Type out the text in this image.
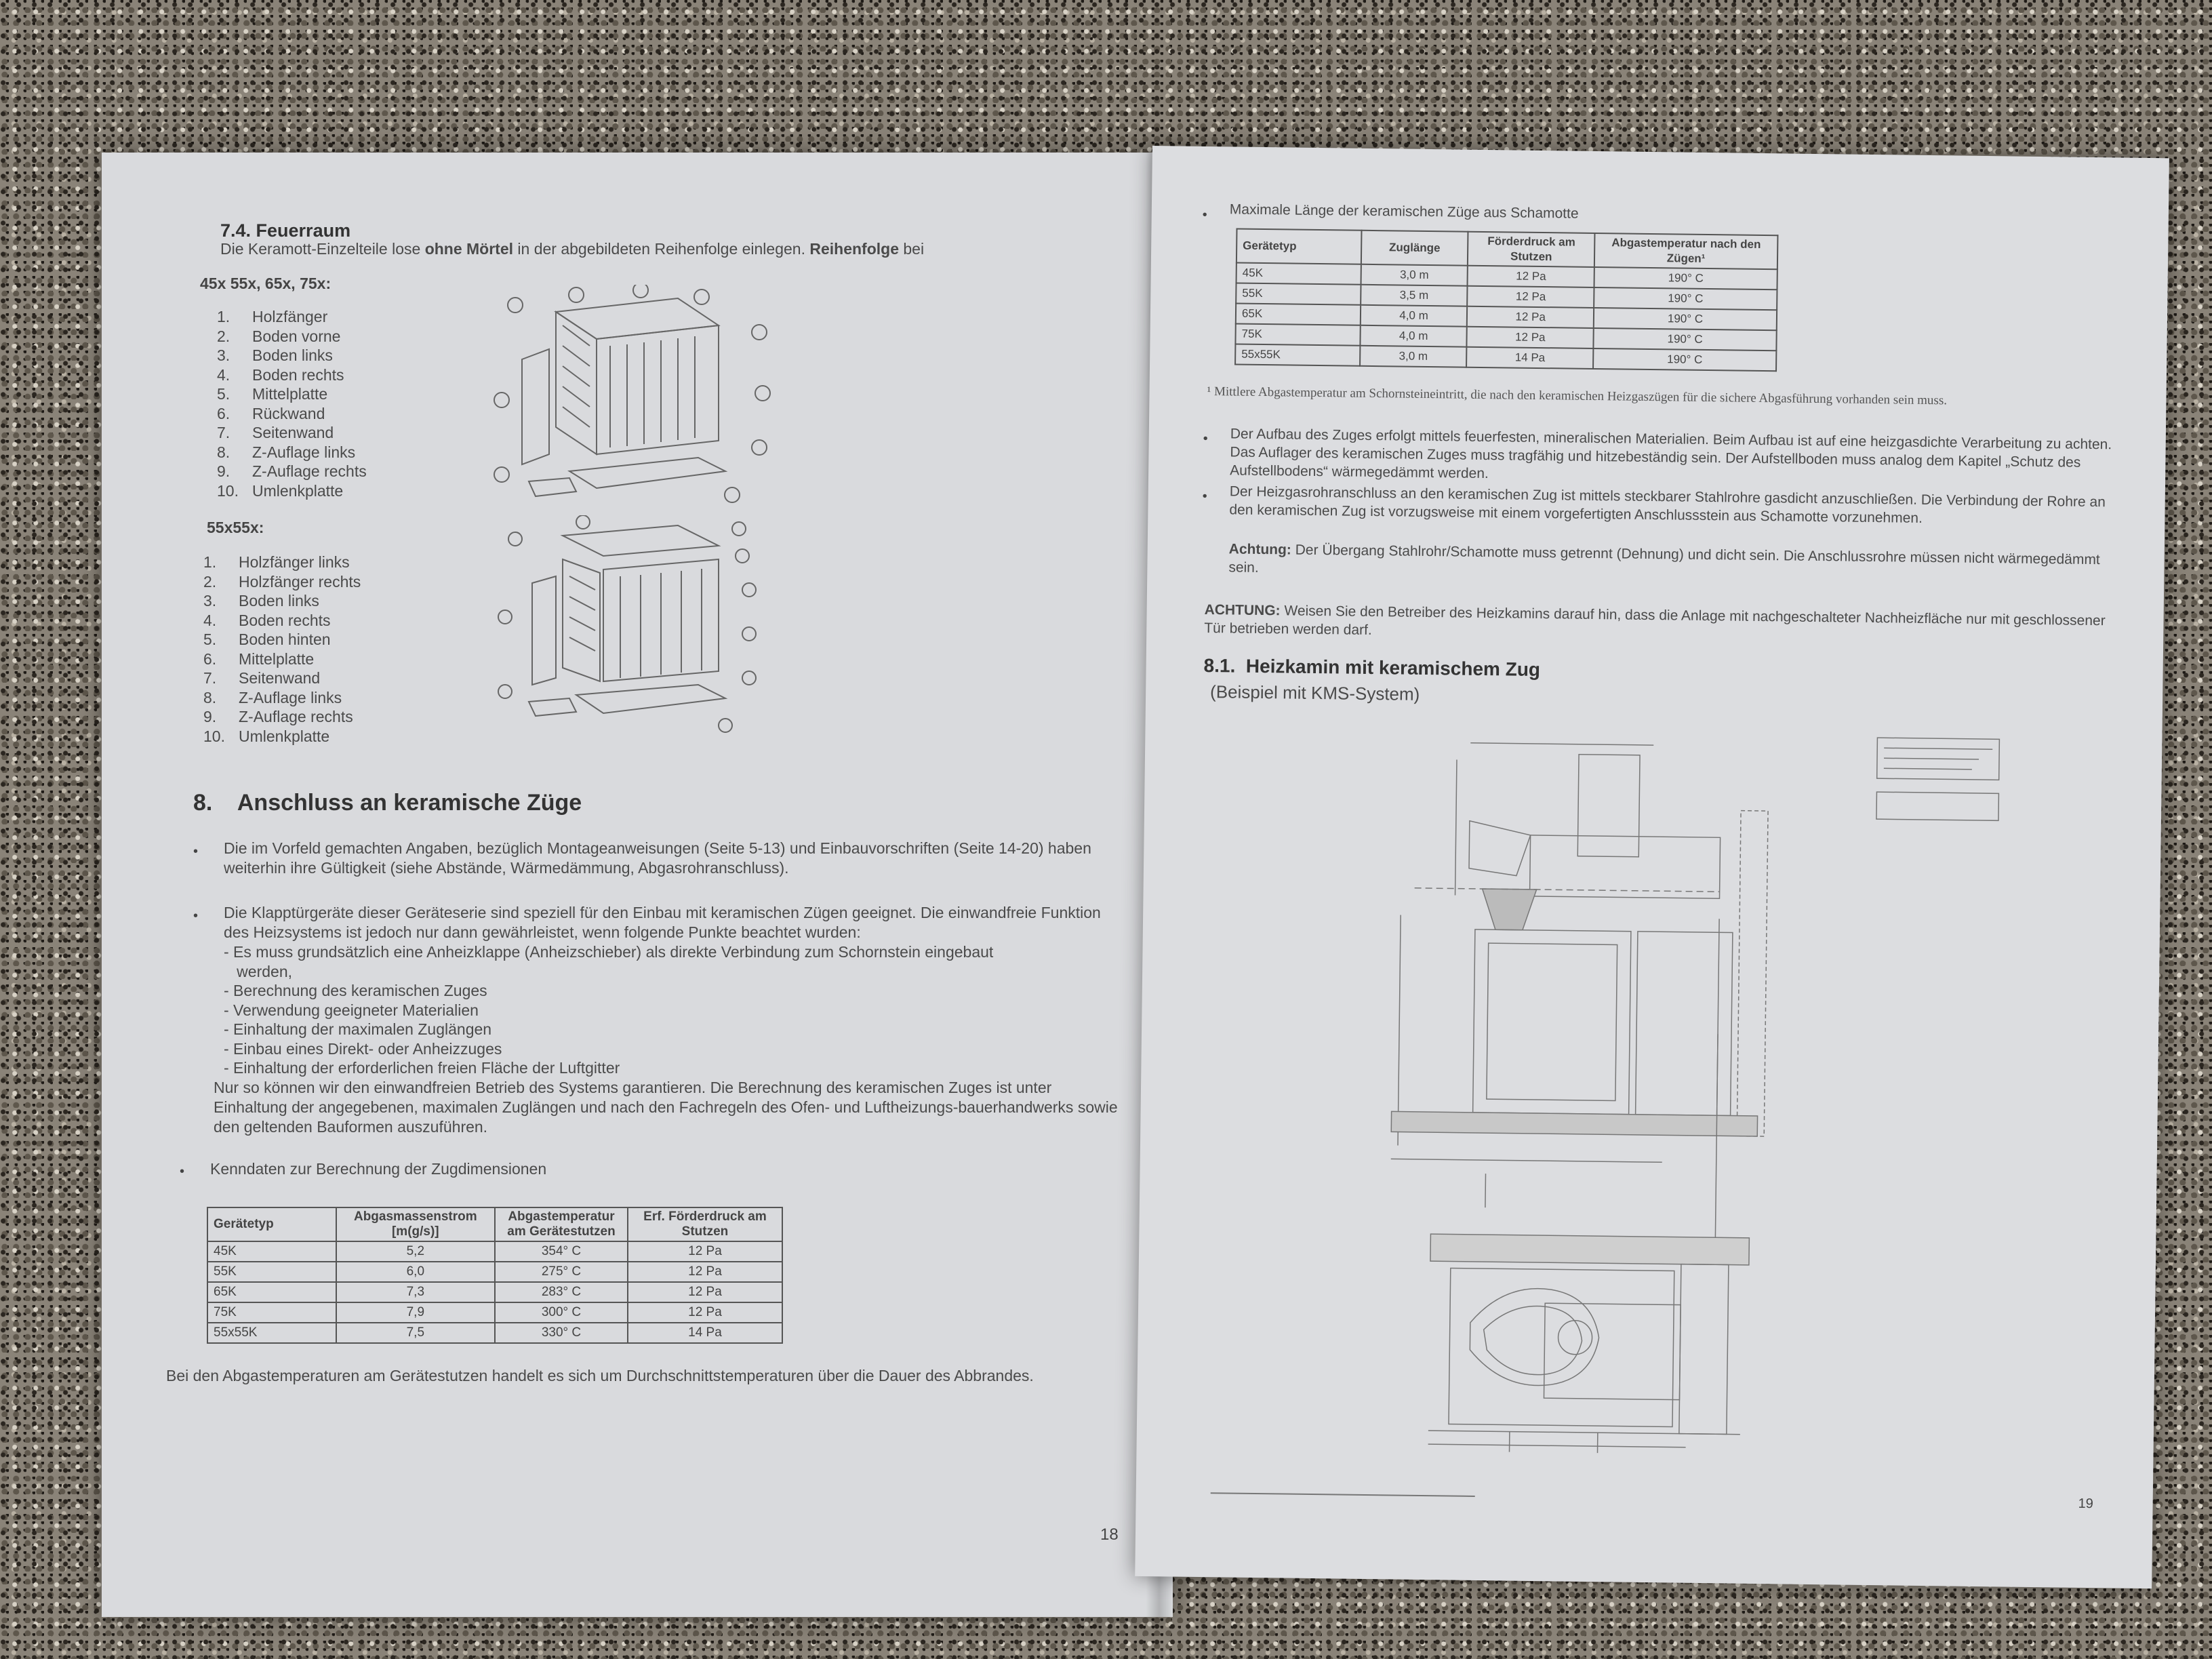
7.4. Feuerraum
Die Keramott-Einzelteile lose ohne Mörtel in der abgebildeten Reihenfolge einlegen. Reihenfolge bei
45x 55x, 65x, 75x:
1. Holzfänger
2. Boden vorne
3. Boden links
4. Boden rechts
5. Mittelplatte
6. Rückwand
7. Seitenwand
8. Z-Auflage links
9. Z-Auflage rechts
10. Umlenkplatte
55x55x:
1. Holzfänger links
2. Holzfänger rechts
3. Boden links
4. Boden rechts
5. Boden hinten
6. Mittelplatte
7. Seitenwand
8. Z-Auflage links
9. Z-Auflage rechts
10. Umlenkplatte
8.    Anschluss an keramische Züge
• Die im Vorfeld gemachten Angaben, bezüglich Montageanweisungen (Seite 5-13) und Einbauvorschriften (Seite 14-20) haben weiterhin ihre Gültigkeit (siehe Abstände, Wärmedämmung, Abgasrohranschluss).
• Die Klapptürgeräte dieser Geräteserie sind speziell für den Einbau mit keramischen Zügen geeignet. Die einwandfreie Funktion des Heizsystems ist jedoch nur dann gewährleistet, wenn folgende Punkte beachtet wurden:
- Es muss grundsätzlich eine Anheizklappe (Anheizschieber) als direkte Verbindung zum Schornstein eingebaut
werden,
- Berechnung des keramischen Zuges
- Verwendung geeigneter Materialien
- Einhaltung der maximalen Zuglängen
- Einbau eines Direkt- oder Anheizzuges
- Einhaltung der erforderlichen freien Fläche der Luftgitter
Nur so können wir den einwandfreien Betrieb des Systems garantieren. Die Berechnung des keramischen Zuges ist unter Einhaltung der angegebenen, maximalen Zuglängen und nach den Fachregeln des Ofen- und Luftheizungs-bauerhandwerks sowie den geltenden Bauformen auszuführen.
• Kenndaten zur Berechnung der Zugdimensionen
Gerätetyp	Abgasmassenstrom [m(g/s)]	Abgastemperatur am Gerätestutzen	Erf. Förderdruck am Stutzen
45K	5,2	354° C	12 Pa
55K	6,0	275° C	12 Pa
65K	7,3	283° C	12 Pa
75K	7,9	300° C	12 Pa
55x55K	7,5	330° C	14 Pa
Bei den Abgastemperaturen am Gerätestutzen handelt es sich um Durchschnittstemperaturen über die Dauer des Abbrandes.
18
• Maximale Länge der keramischen Züge aus Schamotte
Gerätetyp	Zuglänge	Förderdruck am Stutzen	Abgastemperatur nach den Zügen¹
45K	3,0 m	12 Pa	190° C
55K	3,5 m	12 Pa	190° C
65K	4,0 m	12 Pa	190° C
75K	4,0 m	12 Pa	190° C
55x55K	3,0 m	14 Pa	190° C
¹ Mittlere Abgastemperatur am Schornsteineintritt, die nach den keramischen Heizgaszügen für die sichere Abgasführung vorhanden sein muss.
• Der Aufbau des Zuges erfolgt mittels feuerfesten, mineralischen Materialien. Beim Aufbau ist auf eine heizgasdichte Verarbeitung zu achten. Das Auflager des keramischen Zuges muss tragfähig und hitzebeständig sein. Der Aufstellboden muss analog dem Kapitel „Schutz des Aufstellbodens“ wärmegedämmt werden.
• Der Heizgasrohranschluss an den keramischen Zug ist mittels steckbarer Stahlrohre gasdicht anzuschließen. Die Verbindung der Rohre an den keramischen Zug ist vorzugsweise mit einem vorgefertigten Anschlussstein aus Schamotte vorzunehmen.
Achtung: Der Übergang Stahlrohr/Schamotte muss getrennt (Dehnung) und dicht sein. Die Anschlussrohre müssen nicht wärmegedämmt sein.
ACHTUNG: Weisen Sie den Betreiber des Heizkamins darauf hin, dass die Anlage mit nachgeschalteter Nachheizfläche nur mit geschlossener Tür betrieben werden darf.
8.1.  Heizkamin mit keramischem Zug
(Beispiel mit KMS-System)
19
